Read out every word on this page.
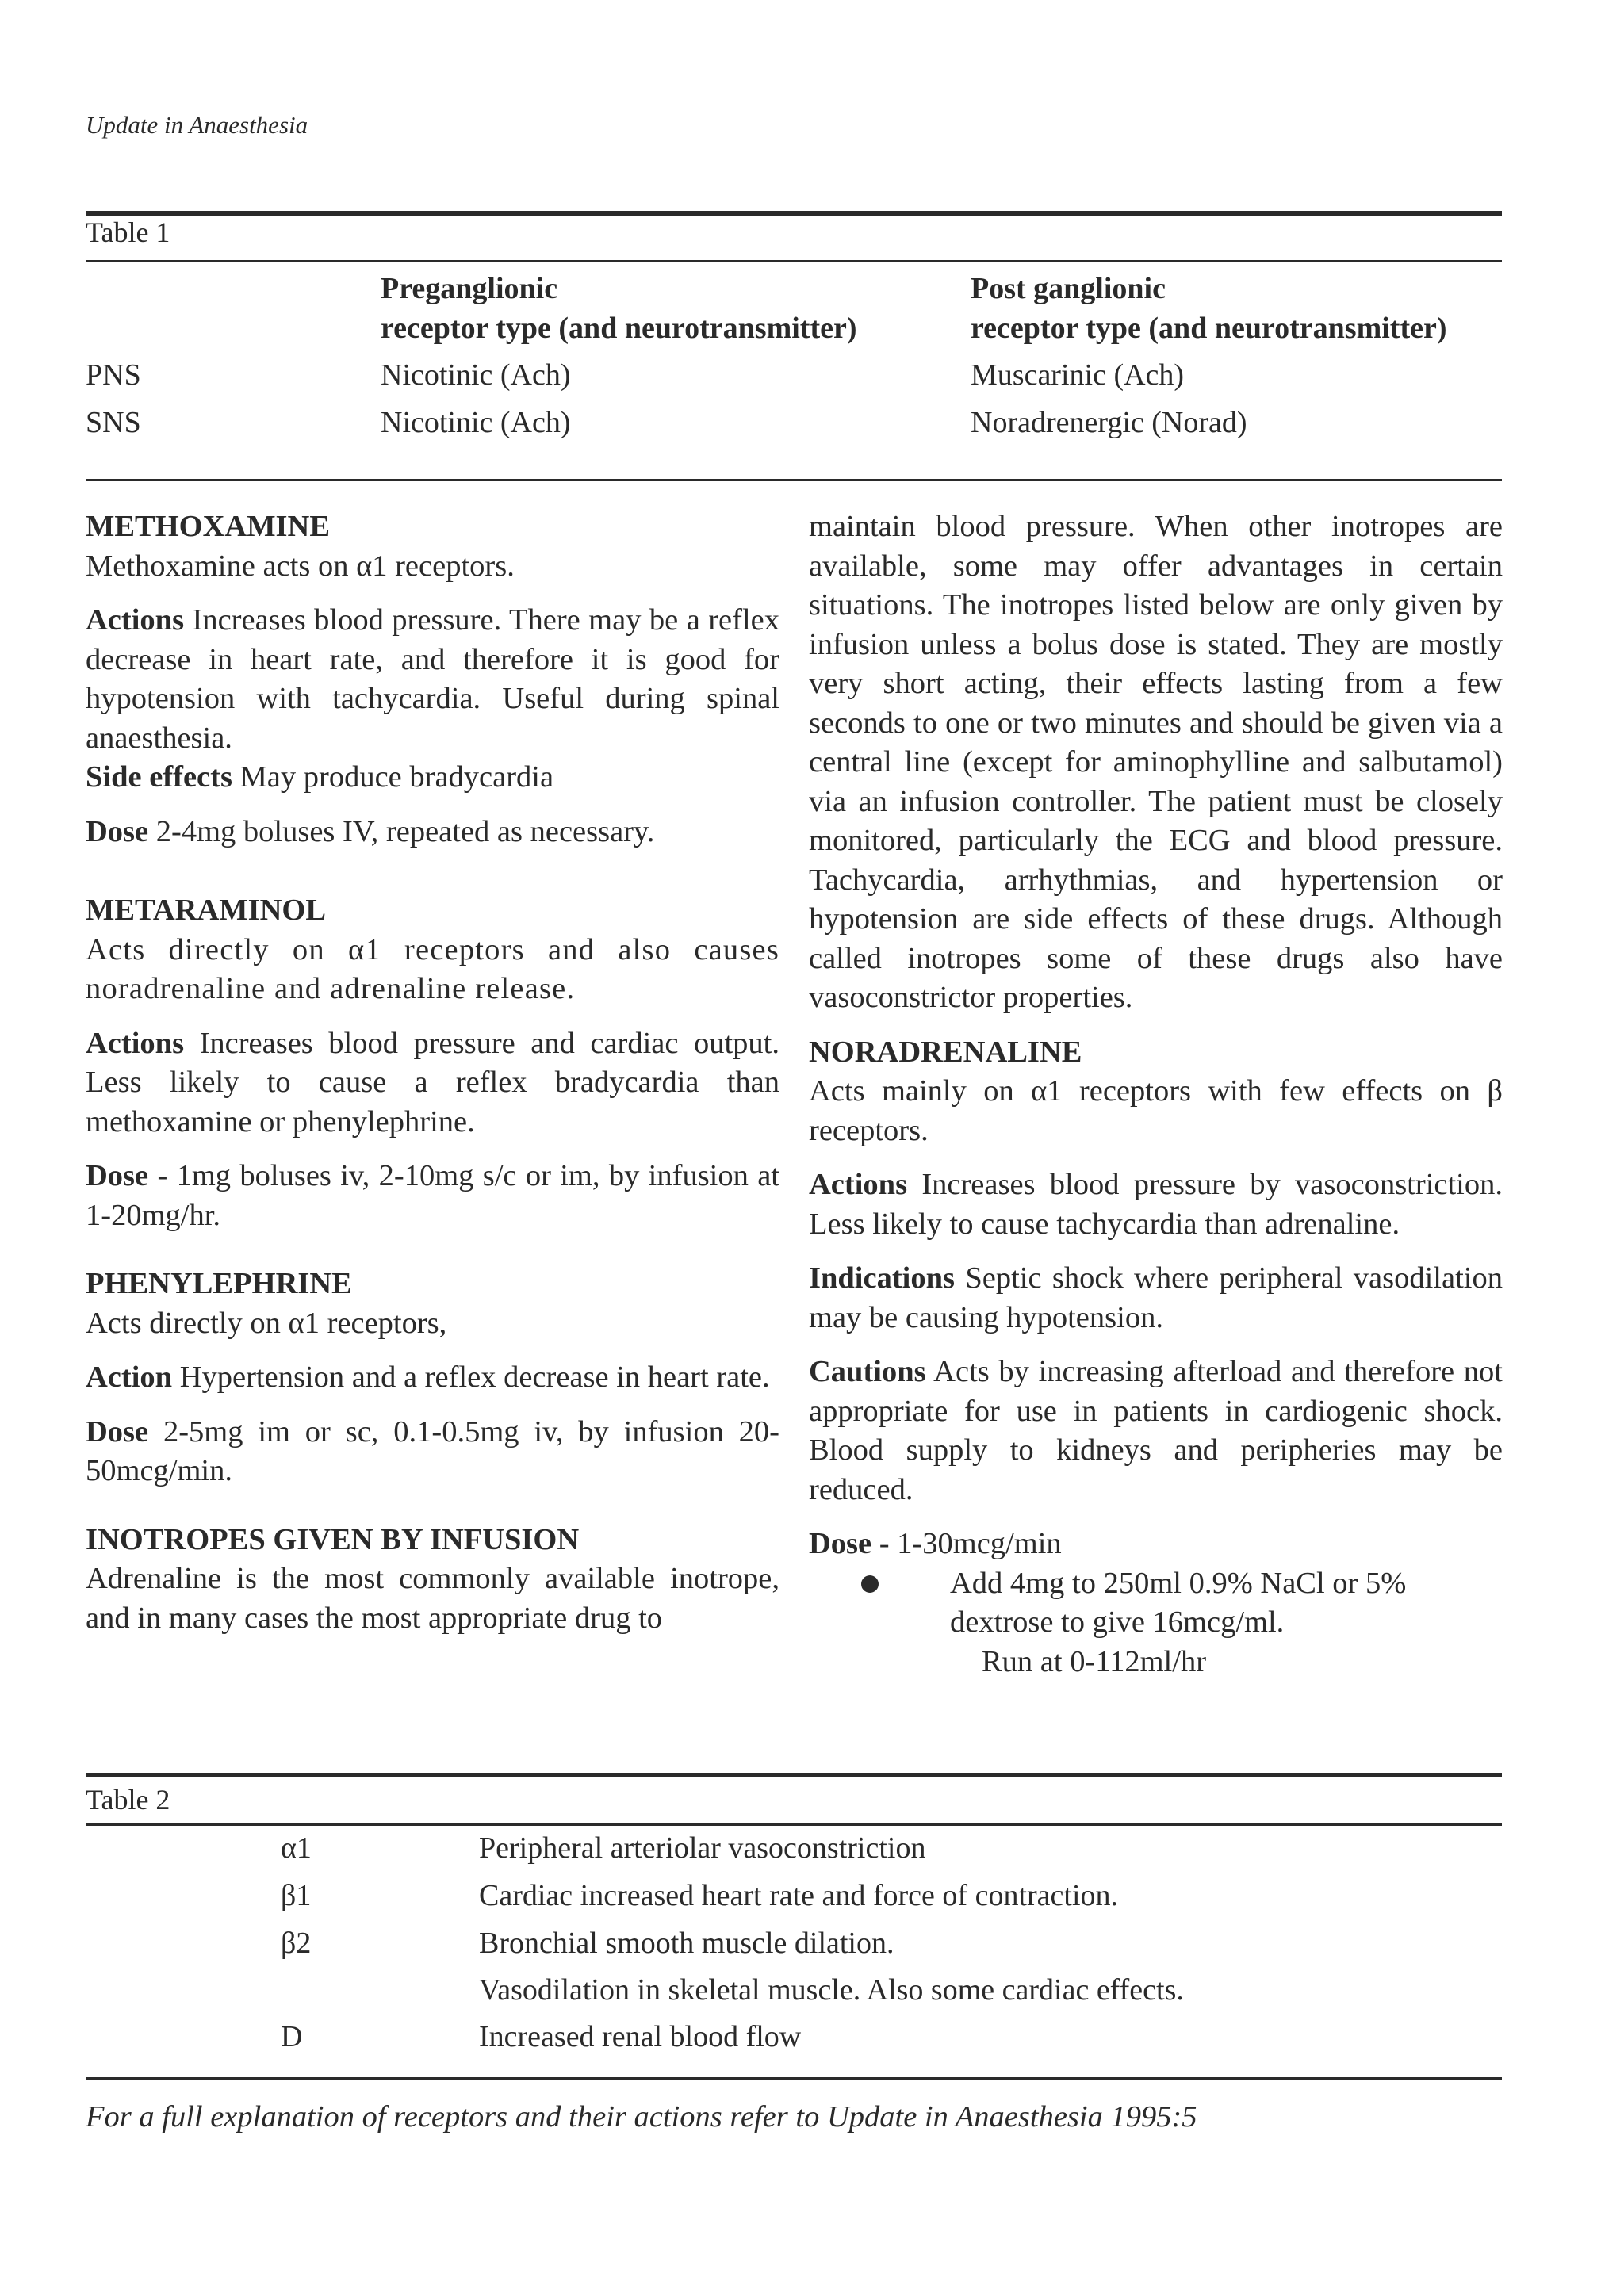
Update in Anaesthesia
Table 1
Preganglionic
receptor type (and neurotransmitter)
Post ganglionic
receptor type (and neurotransmitter)
PNS	Nicotinic (Ach)	Muscarinic (Ach)
SNS	Nicotinic (Ach)	Noradrenergic (Norad)
METHOXAMINE

Methoxamine acts on α1 receptors.

Actions Increases blood pressure. There may be a reflex decrease in heart rate, and therefore it is good for hypotension with tachycardia. Useful during spinal anaesthesia.

Side effects May produce bradycardia

Dose 2-4mg boluses IV, repeated as necessary.

METARAMINOL

Acts directly on α1 receptors and also causes noradrenaline and adrenaline release.

Actions Increases blood pressure and cardiac output. Less likely to cause a reflex bradycardia than methoxamine or phenylephrine.

Dose - 1mg boluses iv, 2-10mg s/c or im, by infusion at 1-20mg/hr.

PHENYLEPHRINE

Acts directly on α1 receptors,

Action Hypertension and a reflex decrease in heart rate.

Dose 2-5mg im or sc, 0.1-0.5mg iv, by infusion 20-50mcg/min.

INOTROPES GIVEN BY INFUSION

Adrenaline is the most commonly available inotrope, and in many cases the most appropriate drug to

maintain blood pressure. When other inotropes are available, some may offer advantages in certain situations. The inotropes listed below are only given by infusion unless a bolus dose is stated. They are mostly very short acting, their effects lasting from a few seconds to one or two minutes and should be given via a central line (except for aminophylline and salbutamol) via an infusion controller. The patient must be closely monitored, particularly the ECG and blood pressure. Tachycardia, arrhythmias, and hypertension or hypotension are side effects of these drugs. Although called inotropes some of these drugs also have vasoconstrictor properties.

NORADRENALINE

Acts mainly on α1 receptors with few effects on β receptors.

Actions Increases blood pressure by vasoconstriction. Less likely to cause tachycardia than adrenaline.

Indications Septic shock where peripheral vasodilation may be causing hypotension.

Cautions Acts by increasing afterload and therefore not appropriate for use in patients in cardiogenic shock. Blood supply to kidneys and peripheries may be reduced.

Dose - 1-30mcg/min

Add 4mg to 250ml 0.9% NaCl or 5% dextrose to give 16mcg/ml.
Run at 0-112ml/hr
Table 2
α1	Peripheral arteriolar vasoconstriction
β1	Cardiac increased heart rate and force of contraction.
β2	Bronchial smooth muscle dilation.
Vasodilation in skeletal muscle. Also some cardiac effects.
D	Increased renal blood flow
For a full explanation of receptors and their actions refer to Update in Anaesthesia 1995:5
